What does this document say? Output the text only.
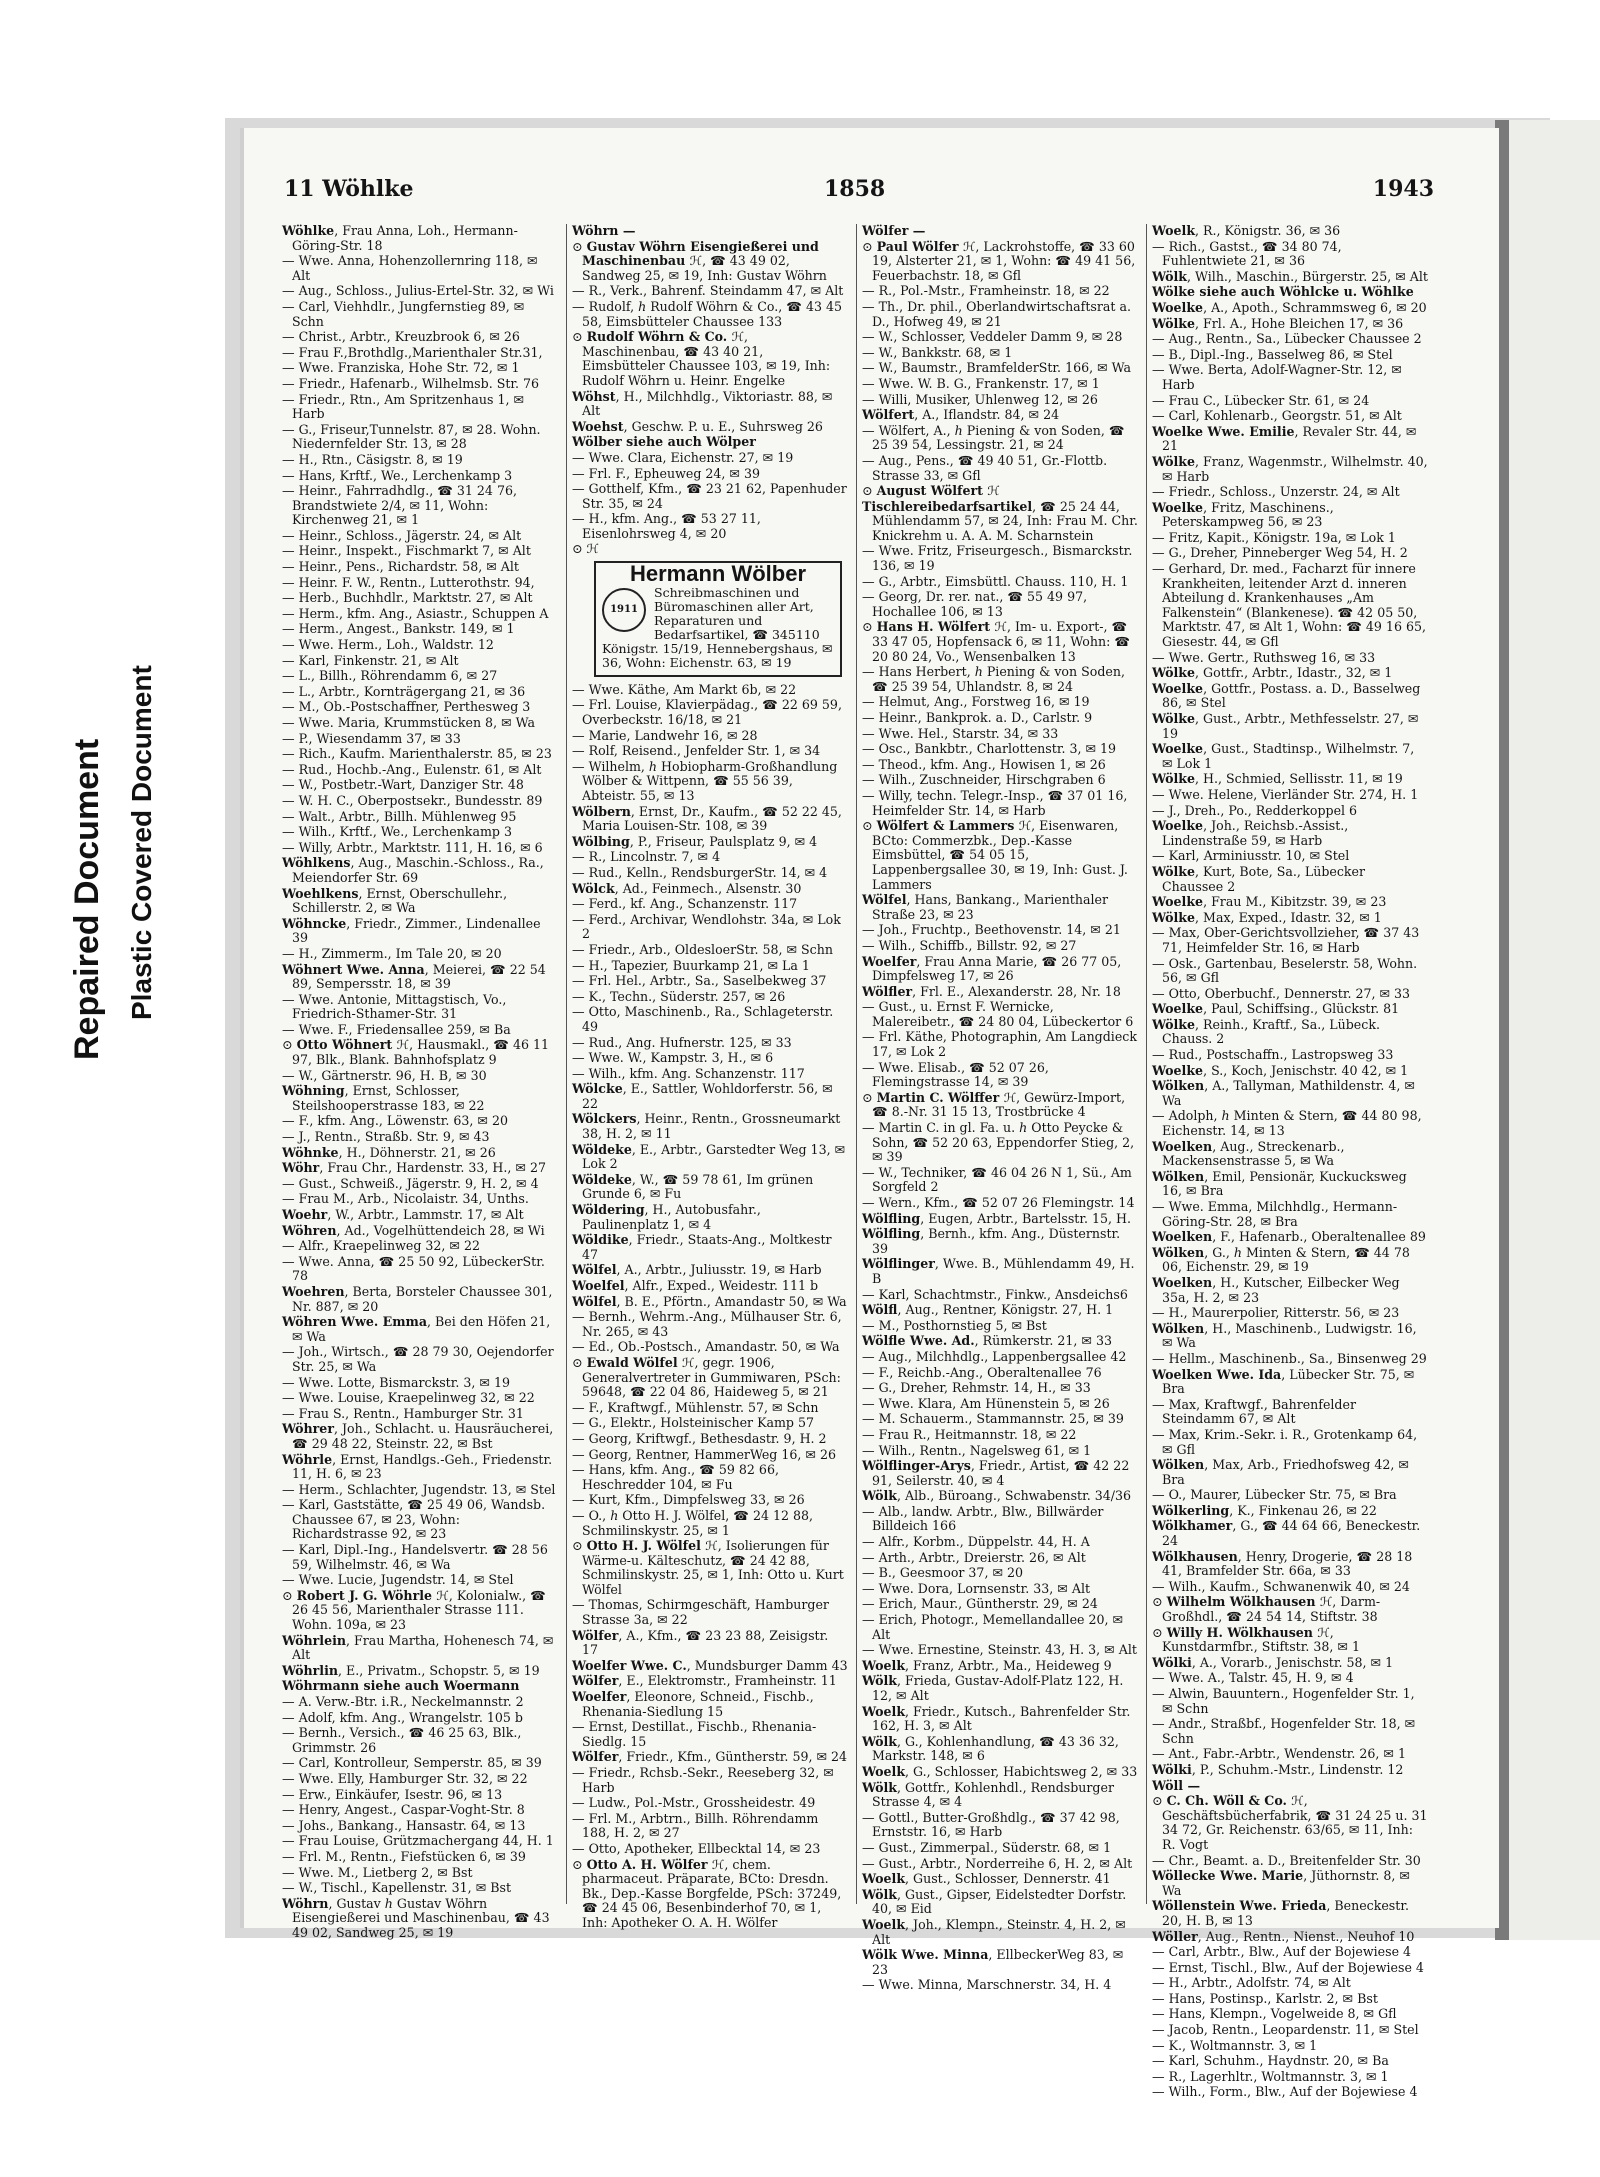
Repaired Document Plastic Covered Document
11 Wöhlke	1858	1943
Wöhlke, Frau Anna, Loh., Hermann-Göring-Str. 18
— Wwe. Anna, Hohenzollernring 118, ✉ Alt
— Aug., Schloss., Julius-Ertel-Str. 32, ✉ Wi
— Carl, Viehhdlr., Jungfernstieg 89, ✉ Schn
— Christ., Arbtr., Kreuzbrook 6, ✉ 26
— Frau F.,Brothdlg.,Marienthaler Str.31,
— Wwe. Franziska, Hohe Str. 72, ✉ 1
— Friedr., Hafenarb., Wilhelmsb. Str. 76
— Friedr., Rtn., Am Spritzenhaus 1, ✉ Harb
— G., Friseur,Tunnelstr. 87, ✉ 28. Wohn. Niedernfelder Str. 13, ✉ 28
— H., Rtn., Cäsigstr. 8, ✉ 19
— Hans, Krftf., We., Lerchenkamp 3
— Heinr., Fahrradhdlg., ☎ 31 24 76, Brandstwiete 2/4, ✉ 11, Wohn: Kirchenweg 21, ✉ 1
— Heinr., Schloss., Jägerstr. 24, ✉ Alt
— Heinr., Inspekt., Fischmarkt 7, ✉ Alt
— Heinr., Pens., Richardstr. 58, ✉ Alt
— Heinr. F. W., Rentn., Lutterothstr. 94,
— Herb., Buchhdlr., Marktstr. 27, ✉ Alt
— Herm., kfm. Ang., Asiastr., Schuppen A
— Herm., Angest., Bankstr. 149, ✉ 1
— Wwe. Herm., Loh., Waldstr. 12
— Karl, Finkenstr. 21, ✉ Alt
— L., Billh., Röhrendamm 6, ✉ 27
— L., Arbtr., Kornträgergang 21, ✉ 36
— M., Ob.-Postschaffner, Perthesweg 3
— Wwe. Maria, Krummstücken 8, ✉ Wa
— P., Wiesendamm 37, ✉ 33
— Rich., Kaufm. Marienthalerstr. 85, ✉ 23
— Rud., Hochb.-Ang., Eulenstr. 61, ✉ Alt
— W., Postbetr.-Wart, Danziger Str. 48
— W. H. C., Oberpostsekr., Bundesstr. 89
— Walt., Arbtr., Billh. Mühlenweg 95
— Wilh., Krftf., We., Lerchenkamp 3
— Willy, Arbtr., Marktstr. 111, H. 16, ✉ 6
Wöhlkens, Aug., Maschin.-Schloss., Ra., Meiendorfer Str. 69
Woehlkens, Ernst, Oberschullehr., Schillerstr. 2, ✉ Wa
Wöhncke, Friedr., Zimmer., Lindenallee 39
— H., Zimmerm., Im Tale 20, ✉ 20
Wöhnert Wwe. Anna, Meierei, ☎ 22 54 89, Sempersstr. 18, ✉ 39
— Wwe. Antonie, Mittagstisch, Vo., Friedrich-Sthamer-Str. 31
— Wwe. F., Friedensallee 259, ✉ Ba
⊙ Otto Wöhnert ℋ, Hausmakl., ☎ 46 11 97, Blk., Blank. Bahnhofsplatz 9
— W., Gärtnerstr. 96, H. B, ✉ 30
Wöhning, Ernst, Schlosser, Steilshooperstrasse 183, ✉ 22
— F., kfm. Ang., Löwenstr. 63, ✉ 20
— J., Rentn., Straßb. Str. 9, ✉ 43
Wöhnke, H., Döhnerstr. 21, ✉ 26
Wöhr, Frau Chr., Hardenstr. 33, H., ✉ 27
— Gust., Schweiß., Jägerstr. 9, H. 2, ✉ 4
— Frau M., Arb., Nicolaistr. 34, Unths.
Woehr, W., Arbtr., Lammstr. 17, ✉ Alt
Wöhren, Ad., Vogelhüttendeich 28, ✉ Wi
— Alfr., Kraepelinweg 32, ✉ 22
— Wwe. Anna, ☎ 25 50 92, LübeckerStr. 78
Woehren, Berta, Borsteler Chaussee 301, Nr. 887, ✉ 20
Wöhren Wwe. Emma, Bei den Höfen 21, ✉ Wa
— Joh., Wirtsch., ☎ 28 79 30, Oejendorfer Str. 25, ✉ Wa
— Wwe. Lotte, Bismarckstr. 3, ✉ 19
— Wwe. Louise, Kraepelinweg 32, ✉ 22
— Frau S., Rentn., Hamburger Str. 31
Wöhrer, Joh., Schlacht. u. Hausräucherei, ☎ 29 48 22, Steinstr. 22, ✉ Bst
Wöhrle, Ernst, Handlgs.-Geh., Friedenstr. 11, H. 6, ✉ 23
— Herm., Schlachter, Jugendstr. 13, ✉ Stel
— Karl, Gaststätte, ☎ 25 49 06, Wandsb. Chaussee 67, ✉ 23, Wohn: Richardstrasse 92, ✉ 23
— Karl, Dipl.-Ing., Handelsvertr. ☎ 28 56 59, Wilhelmstr. 46, ✉ Wa
— Wwe. Lucie, Jugendstr. 14, ✉ Stel
⊙ Robert J. G. Wöhrle ℋ, Kolonialw., ☎ 26 45 56, Marienthaler Strasse 111. Wohn. 109a, ✉ 23
Wöhrlein, Frau Martha, Hohenesch 74, ✉ Alt
Wöhrlin, E., Privatm., Schopstr. 5, ✉ 19
Wöhrmann siehe auch Woermann
— A. Verw.-Btr. i.R., Neckelmannstr. 2
— Adolf, kfm. Ang., Wrangelstr. 105 b
— Bernh., Versich., ☎ 46 25 63, Blk., Grimmstr. 26
— Carl, Kontrolleur, Semperstr. 85, ✉ 39
— Wwe. Elly, Hamburger Str. 32, ✉ 22
— Erw., Einkäufer, Isestr. 96, ✉ 13
— Henry, Angest., Caspar-Voght-Str. 8
— Johs., Bankang., Hansastr. 64, ✉ 13
— Frau Louise, Grützmachergang 44, H. 1
— Frl. M., Rentn., Fiefstücken 6, ✉ 39
— Wwe. M., Lietberg 2, ✉ Bst
— W., Tischl., Kapellenstr. 31, ✉ Bst
Wöhrn, Gustav ℎ Gustav Wöhrn Eisengießerei und Maschinenbau, ☎ 43 49 02, Sandweg 25, ✉ 19
Wöhrn —
⊙ Gustav Wöhrn Eisengießerei und Maschinenbau ℋ, ☎ 43 49 02, Sandweg 25, ✉ 19, Inh: Gustav Wöhrn
— R., Verk., Bahrenf. Steindamm 47, ✉ Alt
— Rudolf, ℎ Rudolf Wöhrn & Co., ☎ 43 45 58, Eimsbütteler Chaussee 133
⊙ Rudolf Wöhrn & Co. ℋ, Maschinenbau, ☎ 43 40 21, Eimsbütteler Chaussee 103, ✉ 19, Inh: Rudolf Wöhrn u. Heinr. Engelke
Wöhst, H., Milchhdlg., Viktoriastr. 88, ✉ Alt
Woehst, Geschw. P. u. E., Suhrsweg 26
Wölber siehe auch Wölper
— Wwe. Clara, Eichenstr. 27, ✉ 19
— Frl. F., Epheuweg 24, ✉ 39
— Gotthelf, Kfm., ☎ 23 21 62, Papenhuder Str. 35, ✉ 24
— H., kfm. Ang., ☎ 53 27 11, Eisenlohrsweg 4, ✉ 20
⊙ ℋ
Hermann Wölber
1911
Schreibmaschinen und Büromaschinen aller Art, Reparaturen und Bedarfsartikel, ☎ 345110
Königstr. 15/19, Hennebergshaus, ✉ 36, Wohn: Eichenstr. 63, ✉ 19
— Wwe. Käthe, Am Markt 6b, ✉ 22
— Frl. Louise, Klavierpädag., ☎ 22 69 59, Overbeckstr. 16/18, ✉ 21
— Marie, Landwehr 16, ✉ 28
— Rolf, Reisend., Jenfelder Str. 1, ✉ 34
— Wilhelm, ℎ Hobiopharm-Großhandlung Wölber & Wittpenn, ☎ 55 56 39, Abteistr. 55, ✉ 13
Wölbern, Ernst, Dr., Kaufm., ☎ 52 22 45, Maria Louisen-Str. 108, ✉ 39
Wölbing, P., Friseur, Paulsplatz 9, ✉ 4
— R., Lincolnstr. 7, ✉ 4
— Rud., Kelln., RendsburgerStr. 14, ✉ 4
Wölck, Ad., Feinmech., Alsenstr. 30
— Ferd., kf. Ang., Schanzenstr. 117
— Ferd., Archivar, Wendlohstr. 34a, ✉ Lok 2
— Friedr., Arb., OldesloerStr. 58, ✉ Schn
— H., Tapezier, Buurkamp 21, ✉ La 1
— Frl. Hel., Arbtr., Sa., Saselbekweg 37
— K., Techn., Süderstr. 257, ✉ 26
— Otto, Maschinenb., Ra., Schlageterstr. 49
— Rud., Ang. Hufnerstr. 125, ✉ 33
— Wwe. W., Kampstr. 3, H., ✉ 6
— Wilh., kfm. Ang. Schanzenstr. 117
Wölcke, E., Sattler, Wohldorferstr. 56, ✉ 22
Wölckers, Heinr., Rentn., Grossneumarkt 38, H. 2, ✉ 11
Wöldeke, E., Arbtr., Garstedter Weg 13, ✉ Lok 2
Wöldeke, W., ☎ 59 78 61, Im grünen Grunde 6, ✉ Fu
Wöldering, H., Autobusfahr., Paulinenplatz 1, ✉ 4
Wöldike, Friedr., Staats-Ang., Moltkestr 47
Wölfel, A., Arbtr., Juliusstr. 19, ✉ Harb
Woelfel, Alfr., Exped., Weidestr. 111 b
Wölfel, B. E., Pförtn., Amandastr 50, ✉ Wa
— Bernh., Wehrm.-Ang., Mülhauser Str. 6, Nr. 265, ✉ 43
— Ed., Ob.-Postsch., Amandastr. 50, ✉ Wa
⊙ Ewald Wölfel ℋ, gegr. 1906, Generalvertreter in Gummiwaren, PSch: 59648, ☎ 22 04 86, Haideweg 5, ✉ 21
— F., Kraftwgf., Mühlenstr. 57, ✉ Schn
— G., Elektr., Holsteinischer Kamp 57
— Georg, Kriftwgf., Bethesdastr. 9, H. 2
— Georg, Rentner, HammerWeg 16, ✉ 26
— Hans, kfm. Ang., ☎ 59 82 66, Heschredder 104, ✉ Fu
— Kurt, Kfm., Dimpfelsweg 33, ✉ 26
— O., ℎ Otto H. J. Wölfel, ☎ 24 12 88, Schmilinskystr. 25, ✉ 1
⊙ Otto H. J. Wölfel ℋ, Isolierungen für Wärme-u. Kälteschutz, ☎ 24 42 88, Schmilinskystr. 25, ✉ 1, Inh: Otto u. Kurt Wölfel
— Thomas, Schirmgeschäft, Hamburger Strasse 3a, ✉ 22
Wölfer, A., Kfm., ☎ 23 23 88, Zeisigstr. 17
Woelfer Wwe. C., Mundsburger Damm 43
Wölfer, E., Elektromstr., Framheinstr. 11
Woelfer, Eleonore, Schneid., Fischb., Rhenania-Siedlung 15
— Ernst, Destillat., Fischb., Rhenania-Siedlg. 15
Wölfer, Friedr., Kfm., Güntherstr. 59, ✉ 24
— Friedr., Rchsb.-Sekr., Reeseberg 32, ✉ Harb
— Ludw., Pol.-Mstr., Grossheidestr. 49
— Frl. M., Arbtrn., Billh. Röhrendamm 188, H. 2, ✉ 27
— Otto, Apotheker, Ellbecktal 14, ✉ 23
⊙ Otto A. H. Wölfer ℋ, chem. pharmaceut. Präparate, BCto: Dresdn. Bk., Dep.-Kasse Borgfelde, PSch: 37249, ☎ 24 45 06, Besenbinderhof 70, ✉ 1, Inh: Apotheker O. A. H. Wölfer
Wölfer —
⊙ Paul Wölfer ℋ, Lackrohstoffe, ☎ 33 60 19, Alsterter 21, ✉ 1, Wohn: ☎ 49 41 56, Feuerbachstr. 18, ✉ Gfl
— R., Pol.-Mstr., Framheinstr. 18, ✉ 22
— Th., Dr. phil., Oberlandwirtschaftsrat a. D., Hofweg 49, ✉ 21
— W., Schlosser, Veddeler Damm 9, ✉ 28
— W., Bankkstr. 68, ✉ 1
— W., Baumstr., BramfelderStr. 166, ✉ Wa
— Wwe. W. B. G., Frankenstr. 17, ✉ 1
— Willi, Musiker, Uhlenweg 12, ✉ 26
Wölfert, A., Iflandstr. 84, ✉ 24
— Wölfert, A., ℎ Piening & von Soden, ☎ 25 39 54, Lessingstr. 21, ✉ 24
— Aug., Pens., ☎ 49 40 51, Gr.-Flottb. Strasse 33, ✉ Gfl
⊙ August Wölfert ℋ
Tischlereibedarfsartikel, ☎ 25 24 44, Mühlendamm 57, ✉ 24, Inh: Frau M. Chr. Knickrehm u. A. A. M. Scharnstein
— Wwe. Fritz, Friseurgesch., Bismarckstr. 136, ✉ 19
— G., Arbtr., Eimsbüttl. Chauss. 110, H. 1
— Georg, Dr. rer. nat., ☎ 55 49 97, Hochallee 106, ✉ 13
⊙ Hans H. Wölfert ℋ, Im- u. Export-, ☎ 33 47 05, Hopfensack 6, ✉ 11, Wohn: ☎ 20 80 24, Vo., Wensenbalken 13
— Hans Herbert, ℎ Piening & von Soden, ☎ 25 39 54, Uhlandstr. 8, ✉ 24
— Helmut, Ang., Forstweg 16, ✉ 19
— Heinr., Bankprok. a. D., Carlstr. 9
— Wwe. Hel., Starstr. 34, ✉ 33
— Osc., Bankbtr., Charlottenstr. 3, ✉ 19
— Theod., kfm. Ang., Howisen 1, ✉ 26
— Wilh., Zuschneider, Hirschgraben 6
— Willy, techn. Telegr.-Insp., ☎ 37 01 16, Heimfelder Str. 14, ✉ Harb
⊙ Wölfert & Lammers ℋ, Eisenwaren, BCto: Commerzbk., Dep.-Kasse Eimsbüttel, ☎ 54 05 15, Lappenbergsallee 30, ✉ 19, Inh: Gust. J. Lammers
Wölfel, Hans, Bankang., Marienthaler Straße 23, ✉ 23
— Joh., Fruchtp., Beethovenstr. 14, ✉ 21
— Wilh., Schiffb., Billstr. 92, ✉ 27
Woelfer, Frau Anna Marie, ☎ 26 77 05, Dimpfelsweg 17, ✉ 26
Wölfler, Frl. E., Alexanderstr. 28, Nr. 18
— Gust., u. Ernst F. Wernicke, Malereibetr., ☎ 24 80 04, Lübeckertor 6
— Frl. Käthe, Photographin, Am Langdieck 17, ✉ Lok 2
— Wwe. Elisab., ☎ 52 07 26, Flemingstrasse 14, ✉ 39
⊙ Martin C. Wölffer ℋ, Gewürz-Import, ☎ 8.-Nr. 31 15 13, Trostbrücke 4
— Martin C. in gl. Fa. u. ℎ Otto Peycke & Sohn, ☎ 52 20 63, Eppendorfer Stieg, 2, ✉ 39
— W., Techniker, ☎ 46 04 26 N 1, Sü., Am Sorgfeld 2
— Wern., Kfm., ☎ 52 07 26 Flemingstr. 14
Wölfling, Eugen, Arbtr., Bartelsstr. 15, H.
Wölfling, Bernh., kfm. Ang., Düsternstr. 39
Wölflinger, Wwe. B., Mühlendamm 49, H. B
— Karl, Schachtmstr., Finkw., Ansdeichs6
Wölfl, Aug., Rentner, Königstr. 27, H. 1
— M., Posthornstieg 5, ✉ Bst
Wölfle Wwe. Ad., Rümkerstr. 21, ✉ 33
— Aug., Milchhdlg., Lappenbergsallee 42
— F., Reichb.-Ang., Oberaltenallee 76
— G., Dreher, Rehmstr. 14, H., ✉ 33
— Wwe. Klara, Am Hünenstein 5, ✉ 26
— M. Schauerm., Stammannstr. 25, ✉ 39
— Frau R., Heitmannstr. 18, ✉ 22
— Wilh., Rentn., Nagelsweg 61, ✉ 1
Wölflinger-Arys, Friedr., Artist, ☎ 42 22 91, Seilerstr. 40, ✉ 4
Wölk, Alb., Büroang., Schwabenstr. 34/36
— Alb., landw. Arbtr., Blw., Billwärder Billdeich 166
— Alfr., Korbm., Düppelstr. 44, H. A
— Arth., Arbtr., Dreierstr. 26, ✉ Alt
— B., Geesmoor 37, ✉ 20
— Wwe. Dora, Lornsenstr. 33, ✉ Alt
— Erich, Maur., Güntherstr. 29, ✉ 24
— Erich, Photogr., Memellandallee 20, ✉ Alt
— Wwe. Ernestine, Steinstr. 43, H. 3, ✉ Alt
Woelk, Franz, Arbtr., Ma., Heideweg 9
Wölk, Frieda, Gustav-Adolf-Platz 122, H. 12, ✉ Alt
Woelk, Friedr., Kutsch., Bahrenfelder Str. 162, H. 3, ✉ Alt
Wölk, G., Kohlenhandlung, ☎ 43 36 32, Markstr. 148, ✉ 6
Woelk, G., Schlosser, Habichtsweg 2, ✉ 33
Wölk, Gottfr., Kohlenhdl., Rendsburger Strasse 4, ✉ 4
— Gottl., Butter-Großhdlg., ☎ 37 42 98, Ernststr. 16, ✉ Harb
— Gust., Zimmerpal., Süderstr. 68, ✉ 1
— Gust., Arbtr., Norderreihe 6, H. 2, ✉ Alt
Woelk, Gust., Schlosser, Dennerstr. 41
Wölk, Gust., Gipser, Eidelstedter Dorfstr. 40, ✉ Eid
Woelk, Joh., Klempn., Steinstr. 4, H. 2, ✉ Alt
Wölk Wwe. Minna, EllbeckerWeg 83, ✉ 23
— Wwe. Minna, Marschnerstr. 34, H. 4
Woelk, R., Königstr. 36, ✉ 36
— Rich., Gastst., ☎ 34 80 74, Fuhlentwiete 21, ✉ 36
Wölk, Wilh., Maschin., Bürgerstr. 25, ✉ Alt
Wölke siehe auch Wöhlcke u. Wöhlke
Woelke, A., Apoth., Schrammsweg 6, ✉ 20
Wölke, Frl. A., Hohe Bleichen 17, ✉ 36
— Aug., Rentn., Sa., Lübecker Chaussee 2
— B., Dipl.-Ing., Basselweg 86, ✉ Stel
— Wwe. Berta, Adolf-Wagner-Str. 12, ✉ Harb
— Frau C., Lübecker Str. 61, ✉ 24
— Carl, Kohlenarb., Georgstr. 51, ✉ Alt
Woelke Wwe. Emilie, Revaler Str. 44, ✉ 21
Wölke, Franz, Wagenmstr., Wilhelmstr. 40, ✉ Harb
— Friedr., Schloss., Unzerstr. 24, ✉ Alt
Woelke, Fritz, Maschinens., Peterskampweg 56, ✉ 23
— Fritz, Kapit., Königstr. 19a, ✉ Lok 1
— G., Dreher, Pinneberger Weg 54, H. 2
— Gerhard, Dr. med., Facharzt für innere Krankheiten, leitender Arzt d. inneren Abteilung d. Krankenhauses „Am Falkenstein“ (Blankenese). ☎ 42 05 50, Marktstr. 47, ✉ Alt 1, Wohn: ☎ 49 16 65, Giesestr. 44, ✉ Gfl
— Wwe. Gertr., Ruthsweg 16, ✉ 33
Wölke, Gottfr., Arbtr., Idastr., 32, ✉ 1
Woelke, Gottfr., Postass. a. D., Basselweg 86, ✉ Stel
Wölke, Gust., Arbtr., Methfesselstr. 27, ✉ 19
Woelke, Gust., Stadtinsp., Wilhelmstr. 7, ✉ Lok 1
Wölke, H., Schmied, Sellisstr. 11, ✉ 19
— Wwe. Helene, Vierländer Str. 274, H. 1
— J., Dreh., Po., Redderkoppel 6
Woelke, Joh., Reichsb.-Assist., Lindenstraße 59, ✉ Harb
— Karl, Arminiusstr. 10, ✉ Stel
Wölke, Kurt, Bote, Sa., Lübecker Chaussee 2
Woelke, Frau M., Kibitzstr. 39, ✉ 23
Wölke, Max, Exped., Idastr. 32, ✉ 1
— Max, Ober-Gerichtsvollzieher, ☎ 37 43 71, Heimfelder Str. 16, ✉ Harb
— Osk., Gartenbau, Beselerstr. 58, Wohn. 56, ✉ Gfl
— Otto, Oberbuchf., Dennerstr. 27, ✉ 33
Woelke, Paul, Schiffsing., Glückstr. 81
Wölke, Reinh., Kraftf., Sa., Lübeck. Chauss. 2
— Rud., Postschaffn., Lastropsweg 33
Woelke, S., Koch, Jenischstr. 40 42, ✉ 1
Wölken, A., Tallyman, Mathildenstr. 4, ✉ Wa
— Adolph, ℎ Minten & Stern, ☎ 44 80 98, Eichenstr. 14, ✉ 13
Woelken, Aug., Streckenarb., Mackensenstrasse 5, ✉ Wa
Wölken, Emil, Pensionär, Kuckucksweg 16, ✉ Bra
— Wwe. Emma, Milchhdlg., Hermann-Göring-Str. 28, ✉ Bra
Woelken, F., Hafenarb., Oberaltenallee 89
Wölken, G., ℎ Minten & Stern, ☎ 44 78 06, Eichenstr. 29, ✉ 19
Woelken, H., Kutscher, Eilbecker Weg 35a, H. 2, ✉ 23
— H., Maurerpolier, Ritterstr. 56, ✉ 23
Wölken, H., Maschinenb., Ludwigstr. 16, ✉ Wa
— Hellm., Maschinenb., Sa., Binsenweg 29
Woelken Wwe. Ida, Lübecker Str. 75, ✉ Bra
— Max, Kraftwgf., Bahrenfelder Steindamm 67, ✉ Alt
— Max, Krim.-Sekr. i. R., Grotenkamp 64, ✉ Gfl
Wölken, Max, Arb., Friedhofsweg 42, ✉ Bra
— O., Maurer, Lübecker Str. 75, ✉ Bra
Wölkerling, K., Finkenau 26, ✉ 22
Wölkhamer, G., ☎ 44 64 66, Beneckestr. 24
Wölkhausen, Henry, Drogerie, ☎ 28 18 41, Bramfelder Str. 66a, ✉ 33
— Wilh., Kaufm., Schwanenwik 40, ✉ 24
⊙ Wilhelm Wölkhausen ℋ, Darm-Großhdl., ☎ 24 54 14, Stiftstr. 38
⊙ Willy H. Wölkhausen ℋ, Kunstdarmfbr., Stiftstr. 38, ✉ 1
Wölki, A., Vorarb., Jenischstr. 58, ✉ 1
— Wwe. A., Talstr. 45, H. 9, ✉ 4
— Alwin, Bauuntern., Hogenfelder Str. 1, ✉ Schn
— Andr., Straßbf., Hogenfelder Str. 18, ✉ Schn
— Ant., Fabr.-Arbtr., Wendenstr. 26, ✉ 1
Wölki, P., Schuhm.-Mstr., Lindenstr. 12
Wöll —
⊙ C. Ch. Wöll & Co. ℋ, Geschäftsbücherfabrik, ☎ 31 24 25 u. 31 34 72, Gr. Reichenstr. 63/65, ✉ 11, Inh: R. Vogt
— Chr., Beamt. a. D., Breitenfelder Str. 30
Wöllecke Wwe. Marie, Jüthornstr. 8, ✉ Wa
Wöllenstein Wwe. Frieda, Beneckestr. 20, H. B, ✉ 13
Wöller, Aug., Rentn., Nienst., Neuhof 10
— Carl, Arbtr., Blw., Auf der Bojewiese 4
— Ernst, Tischl., Blw., Auf der Bojewiese 4
— H., Arbtr., Adolfstr. 74, ✉ Alt
— Hans, Postinsp., Karlstr. 2, ✉ Bst
— Hans, Klempn., Vogelweide 8, ✉ Gfl
— Jacob, Rentn., Leopardenstr. 11, ✉ Stel
— K., Woltmannstr. 3, ✉ 1
— Karl, Schuhm., Haydnstr. 20, ✉ Ba
— R., Lagerhltr., Woltmannstr. 3, ✉ 1
— Wilh., Form., Blw., Auf der Bojewiese 4
